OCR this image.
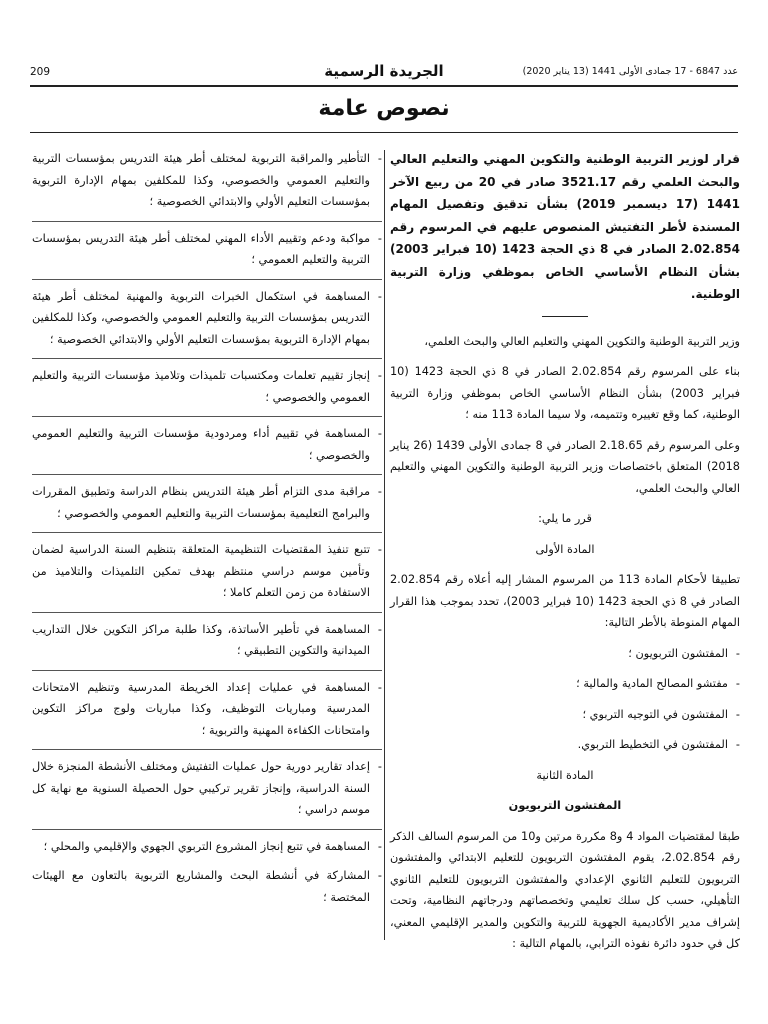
209	الجريدة الرسمية	عدد 6847 - 17 جمادى الأولى 1441 (13 يناير 2020)
نصوص عامة

قرار لوزير التربية الوطنية والتكوين المهني والتعليم العالي والبحث العلمي رقم 3521.17 صادر في 20 من ربيع الآخر 1441 (17 ديسمبر 2019) بشأن تدقيق وتفصيل المهام المسندة لأطر التفتيش المنصوص عليهم في المرسوم رقم 2.02.854 الصادر في 8 ذي الحجة 1423 (10 فبراير 2003) بشأن النظام الأساسي الخاص بموظفي وزارة التربية الوطنية.

وزير التربية الوطنية والتكوين المهني والتعليم العالي والبحث العلمي،

بناء على المرسوم رقم 2.02.854 الصادر في 8 ذي الحجة 1423 (10 فبراير 2003) بشأن النظام الأساسي الخاص بموظفي وزارة التربية الوطنية، كما وقع تغييره وتتميمه، ولا سيما المادة 113 منه ؛

وعلى المرسوم رقم 2.18.65 الصادر في 8 جمادى الأولى 1439 (26 يناير 2018) المتعلق باختصاصات وزير التربية الوطنية والتكوين المهني والتعليم العالي والبحث العلمي،

قرر ما يلي:

المادة الأولى

تطبيقا لأحكام المادة 113 من المرسوم المشار إليه أعلاه رقم 2.02.854 الصادر في 8 ذي الحجة 1423 (10 فبراير 2003)، تحدد بموجب هذا القرار المهام المنوطة بالأطر التالية:

-
المفتشون التربويون ؛
-
مفتشو المصالح المادية والمالية ؛
-
المفتشون في التوجيه التربوي ؛
-
المفتشون في التخطيط التربوي.

المادة الثانية

المفتشون التربويون

طبقا لمقتضيات المواد 4 و8 مكررة مرتين و10 من المرسوم السالف الذكر رقم 2.02.854، يقوم المفتشون التربويون للتعليم الابتدائي والمفتشون التربويون للتعليم الثانوي الإعدادي والمفتشون التربويون للتعليم الثانوي التأهيلي، حسب كل سلك تعليمي وتخصصاتهم ودرجاتهم النظامية، وتحت إشراف مدير الأكاديمية الجهوية للتربية والتكوين والمدير الإقليمي المعني، كل في حدود دائرة نفوذه الترابي، بالمهام التالية :

-
التأطير والمراقبة التربوية لمختلف أطر هيئة التدريس بمؤسسات التربية والتعليم العمومي والخصوصي، وكذا للمكلفين بمهام الإدارة التربوية بمؤسسات التعليم الأولي والابتدائي الخصوصية ؛
-
مواكبة ودعم وتقييم الأداء المهني لمختلف أطر هيئة التدريس بمؤسسات التربية والتعليم العمومي ؛
-
المساهمة في استكمال الخبرات التربوية والمهنية لمختلف أطر هيئة التدريس بمؤسسات التربية والتعليم العمومي والخصوصي، وكذا للمكلفين بمهام الإدارة التربوية بمؤسسات التعليم الأولي والابتدائي الخصوصية ؛
-
إنجاز تقييم تعلمات ومكتسبات تلميذات وتلاميذ مؤسسات التربية والتعليم العمومي والخصوصي ؛
-
المساهمة في تقييم أداء ومردودية مؤسسات التربية والتعليم العمومي والخصوصي ؛
-
مراقبة مدى التزام أطر هيئة التدريس بنظام الدراسة وتطبيق المقررات والبرامج التعليمية بمؤسسات التربية والتعليم العمومي والخصوصي ؛
-
تتبع تنفيذ المقتضيات التنظيمية المتعلقة بتنظيم السنة الدراسية لضمان وتأمين موسم دراسي منتظم بهدف تمكين التلميذات والتلاميذ من الاستفادة من زمن التعلم كاملا ؛
-
المساهمة في تأطير الأساتذة، وكذا طلبة مراكز التكوين خلال التداريب الميدانية والتكوين التطبيقي ؛
-
المساهمة في عمليات إعداد الخريطة المدرسية وتنظيم الامتحانات المدرسية ومباريات التوظيف، وكذا مباريات ولوج مراكز التكوين وامتحانات الكفاءة المهنية والتربوية ؛
-
إعداد تقارير دورية حول عمليات التفتيش ومختلف الأنشطة المنجزة خلال السنة الدراسية، وإنجاز تقرير تركيبي حول الحصيلة السنوية مع نهاية كل موسم دراسي ؛
-
المساهمة في تتبع إنجاز المشروع التربوي الجهوي والإقليمي والمحلي ؛
-
المشاركة في أنشطة البحث والمشاريع التربوية بالتعاون مع الهيئات المختصة ؛
